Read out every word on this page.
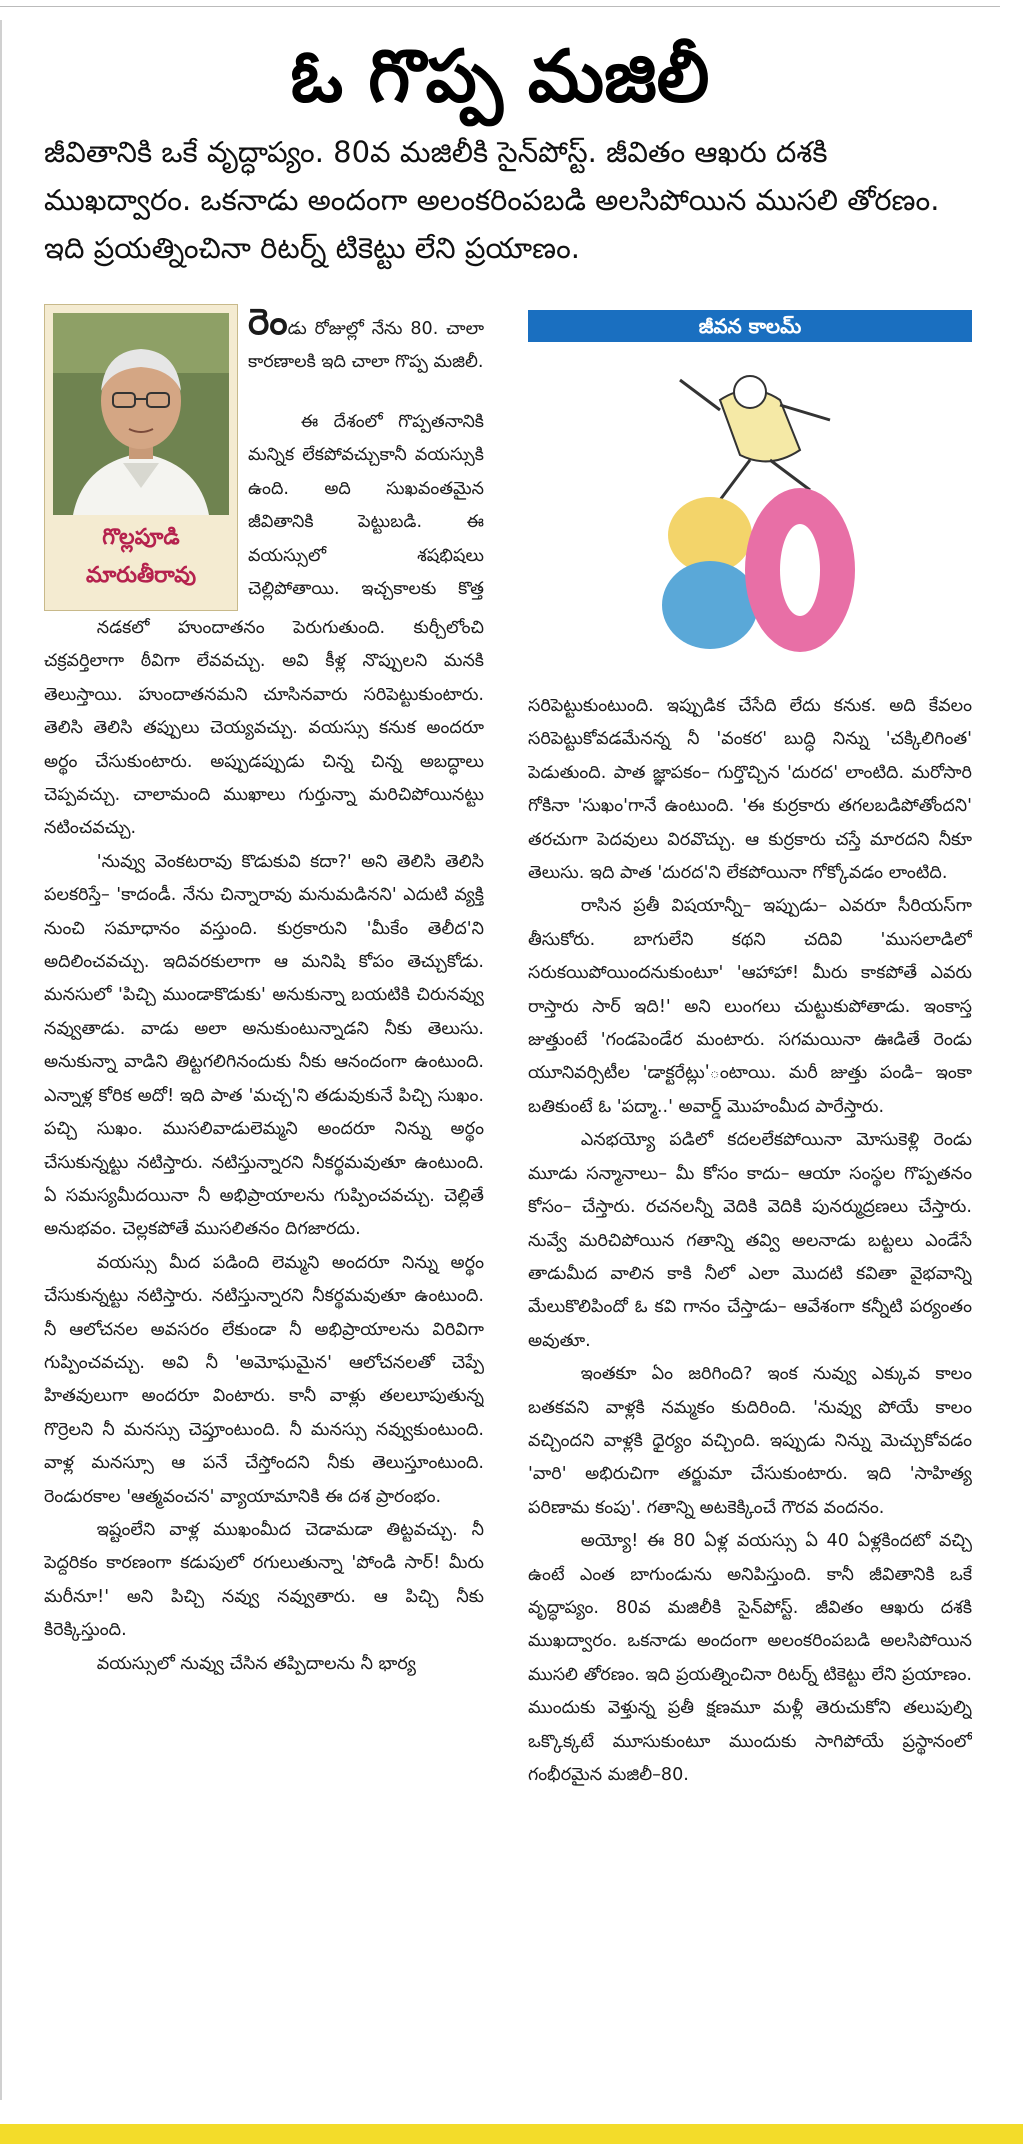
ఓ గొప్ప మజిలీ
జీవితానికి ఒకే వృద్ధాప్యం. 80వ మజిలీకి సైన్‌పోస్ట్. జీవితం ఆఖరు దశకి ముఖద్వారం. ఒకనాడు అందంగా అలంకరింపబడి అలసిపోయిన ముసలి తోరణం. ఇది ప్రయత్నించినా రిటర్న్ టికెట్టు లేని ప్రయాణం.
గొల్లపూడి
మారుతీరావు

రెండు రోజుల్లో నేను 80. చాలా కారణాలకి ఇది చాలా గొప్ప మజిలీ.

ఈ దేశంలో గొప్పతనానికి మన్నిక లేకపోవచ్చుకానీ వయస్సుకి ఉంది. అది సుఖవంతమైన జీవితానికి పెట్టుబడి. ఈ వయస్సులో శషభిషలు చెల్లిపోతాయి. ఇచ్చకాలకు కొత్త

నడకలో హుందాతనం పెరుగుతుంది. కుర్చీలోంచి చక్రవర్తిలాగా ఠీవిగా లేవవచ్చు. అవి కీళ్ల నొప్పులని మనకి తెలుస్తాయి. హుందాతనమని చూసినవారు సరిపెట్టుకుంటారు. తెలిసి తెలిసి తప్పులు చెయ్యవచ్చు. వయస్సు కనుక అందరూ అర్థం చేసుకుంటారు. అప్పుడప్పుడు చిన్న చిన్న అబద్ధాలు చెప్పవచ్చు. చాలామంది ముఖాలు గుర్తున్నా మరిచిపోయినట్టు నటించవచ్చు.

'నువ్వు వెంకటరావు కొడుకువి కదా?' అని తెలిసి తెలిసి పలకరిస్తే– 'కాదండీ. నేను చిన్నారావు మనుమడినని' ఎదుటి వ్యక్తి నుంచి సమాధానం వస్తుంది. కుర్రకారుని 'మీకేం తెలీద'ని అదిలించవచ్చు. ఇదివరకులాగా ఆ మనిషి కోపం తెచ్చుకోడు. మనసులో 'పిచ్చి ముండాకొడుకు' అనుకున్నా బయటికి చిరునవ్వు నవ్వుతాడు. వాడు అలా అనుకుంటున్నాడని నీకు తెలుసు. అనుకున్నా వాడిని తిట్టగలిగినందుకు నీకు ఆనందంగా ఉంటుంది. ఎన్నాళ్ల కోరిక అదో! ఇది పాత 'మచ్చ'ని తడువుకునే పిచ్చి సుఖం. పచ్చి సుఖం. ముసలివాడులెమ్మని అందరూ నిన్ను అర్థం చేసుకున్నట్టు నటిస్తారు. నటిస్తున్నారని నీకర్థమవుతూ ఉంటుంది. ఏ సమస్యమీదయినా నీ అభిప్రాయాలను గుప్పించవచ్చు. చెల్లితే అనుభవం. చెల్లకపోతే ముసలితనం దిగజారదు.

వయస్సు మీద పడింది లెమ్మని అందరూ నిన్ను అర్థం చేసుకున్నట్టు నటిస్తారు. నటిస్తున్నారని నీకర్థమవుతూ ఉంటుంది. నీ ఆలోచనల అవసరం లేకుండా నీ అభిప్రాయాలను విరివిగా గుప్పించవచ్చు. అవి నీ 'అమోఘమైన' ఆలోచనలతో చెప్పే హితవులుగా అందరూ వింటారు. కానీ వాళ్లు తలలూపుతున్న గొర్రెలని నీ మనస్సు చెప్తూంటుంది. నీ మనస్సు నవ్వుకుంటుంది. వాళ్ల మనస్సూ ఆ పనే చేస్తోందని నీకు తెలుస్తూంటుంది. రెండురకాల 'ఆత్మవంచన' వ్యాయామానికి ఈ దశ ప్రారంభం.

ఇష్టంలేని వాళ్ల ముఖంమీద చెడామడా తిట్టవచ్చు. నీ పెద్దరికం కారణంగా కడుపులో రగులుతున్నా 'పోండి సార్! మీరు మరీనూ!' అని పిచ్చి నవ్వు నవ్వుతారు. ఆ పిచ్చి నీకు కిరెక్కిస్తుంది.

వయస్సులో నువ్వు చేసిన తప్పిదాలను నీ భార్య

జీవన కాలమ్

సరిపెట్టుకుంటుంది. ఇప్పుడిక చేసేది లేదు కనుక. అది కేవలం సరిపెట్టుకోవడమేనన్న నీ 'వంకర' బుద్ధి నిన్ను 'చక్కిలిగింత' పెడుతుంది. పాత జ్ఞాపకం– గుర్తొచ్చిన 'దురద' లాంటిది. మరోసారి గోకినా 'సుఖం'గానే ఉంటుంది. 'ఈ కుర్రకారు తగలబడిపోతోందని' తరచుగా పెదవులు విరవొచ్చు. ఆ కుర్రకారు చస్తే మారదని నీకూ తెలుసు. ఇది పాత 'దురద'ని లేకపోయినా గోక్కోవడం లాంటిది.

రాసిన ప్రతీ విషయాన్నీ– ఇప్పుడు– ఎవరూ సీరియస్‌గా తీసుకోరు. బాగులేని కథని చదివి 'ముసలాడిలో సరుకయిపోయిందనుకుంటూ' 'ఆహాహా! మీరు కాకపోతే ఎవరు రాస్తారు సార్ ఇది!' అని లుంగలు చుట్టుకుపోతాడు. ఇంకాస్త జుత్తుంటే 'గండపెండేర మంటారు. సగమయినా ఊడితే రెండు యూనివర్సిటీల 'డాక్టరేట్లు'ంటాయి. మరీ జుత్తు పండి– ఇంకా బతికుంటే ఓ 'పద్మా..' అవార్డ్ మొహంమీద పారేస్తారు.

ఎనభయ్యో పడిలో కదలలేకపోయినా మోసుకెళ్లి రెండు మూడు సన్మానాలు– మీ కోసం కాదు– ఆయా సంస్థల గొప్పతనం కోసం– చేస్తారు. రచనలన్నీ వెదికి వెదికి పునర్ముద్రణలు చేస్తారు. నువ్వే మరిచిపోయిన గతాన్ని తవ్వి అలనాడు బట్టలు ఎండేసే తాడుమీద వాలిన కాకి నీలో ఎలా మొదటి కవితా వైభవాన్ని మేలుకొలిపిందో ఓ కవి గానం చేస్తాడు– ఆవేశంగా కన్నీటి పర్యంతం అవుతూ.

ఇంతకూ ఏం జరిగింది? ఇంక నువ్వు ఎక్కువ కాలం బతకవని వాళ్లకి నమ్మకం కుదిరింది. 'నువ్వు పోయే కాలం వచ్చిందని వాళ్లకి ధైర్యం వచ్చింది. ఇప్పుడు నిన్ను మెచ్చుకోవడం 'వారి' అభిరుచిగా తర్జుమా చేసుకుంటారు. ఇది 'సాహిత్య పరిణామ కంపు'. గతాన్ని అటకెక్కించే గౌరవ వందనం.

అయ్యో! ఈ 80 ఏళ్ల వయస్సు ఏ 40 ఏళ్లకిందటో వచ్చి ఉంటే ఎంత బాగుండును అనిపిస్తుంది. కానీ జీవితానికి ఒకే వృద్ధాప్యం. 80వ మజిలీకి సైన్‌పోస్ట్. జీవితం ఆఖరు దశకి ముఖద్వారం. ఒకనాడు అందంగా అలంకరింపబడి అలసిపోయిన ముసలి తోరణం. ఇది ప్రయత్నించినా రిటర్న్ టికెట్టు లేని ప్రయాణం. ముందుకు వెళ్తున్న ప్రతీ క్షణమూ మళ్లీ తెరుచుకోని తలుపుల్ని ఒక్కొక్కటే మూసుకుంటూ ముందుకు సాగిపోయే ప్రస్థానంలో గంభీరమైన మజిలీ–80.
